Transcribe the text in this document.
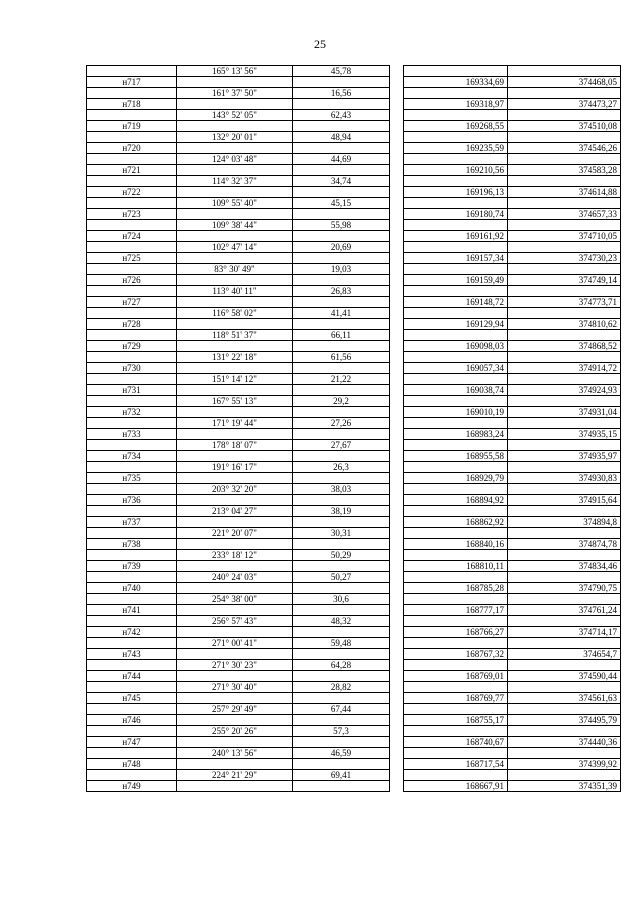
25
	165° 13' 56"	45,78			
н717				169334,69	374468,05
	161° 37' 50"	16,56			
н718				169318,97	374473,27
	143° 52' 05"	62,43			
н719				169268,55	374510,08
	132° 20' 01"	48,94			
н720				169235,59	374546,26
	124° 03' 48"	44,69			
н721				169210,56	374583,28
	114° 32' 37"	34,74			
н722				169196,13	374614,88
	109° 55' 40"	45,15			
н723				169180,74	374657,33
	109° 38' 44"	55,98			
н724				169161,92	374710,05
	102° 47' 14"	20,69			
н725				169157,34	374730,23
	83° 30' 49"	19,03			
н726				169159,49	374749,14
	113° 40' 11"	26,83			
н727				169148,72	374773,71
	116° 58' 02"	41,41			
н728				169129,94	374810,62
	118° 51' 37"	66,11			
н729				169098,03	374868,52
	131° 22' 18"	61,56			
н730				169057,34	374914,72
	151° 14' 12"	21,22			
н731				169038,74	374924,93
	167° 55' 13"	29,2			
н732				169010,19	374931,04
	171° 19' 44"	27,26			
н733				168983,24	374935,15
	178° 18' 07"	27,67			
н734				168955,58	374935,97
	191° 16' 17"	26,3			
н735				168929,79	374930,83
	203° 32' 20"	38,03			
н736				168894,92	374915,64
	213° 04' 27"	38,19			
н737				168862,92	374894,8
	221° 20' 07"	30,31			
н738				168840,16	374874,78
	233° 18' 12"	50,29			
н739				168810,11	374834,46
	240° 24' 03"	50,27			
н740				168785,28	374790,75
	254° 38' 00"	30,6			
н741				168777,17	374761,24
	256° 57' 43"	48,32			
н742				168766,27	374714,17
	271° 00' 41"	59,48			
н743				168767,32	374654,7
	271° 30' 23"	64,28			
н744				168769,01	374590,44
	271° 30' 40"	28,82			
н745				168769,77	374561,63
	257° 29' 49"	67,44			
н746				168755,17	374495,79
	255° 20' 26"	57,3			
н747				168740,67	374440,36
	240° 13' 56"	46,59			
н748				168717,54	374399,92
	224° 21' 29"	69,41			
н749				168667,91	374351,39
